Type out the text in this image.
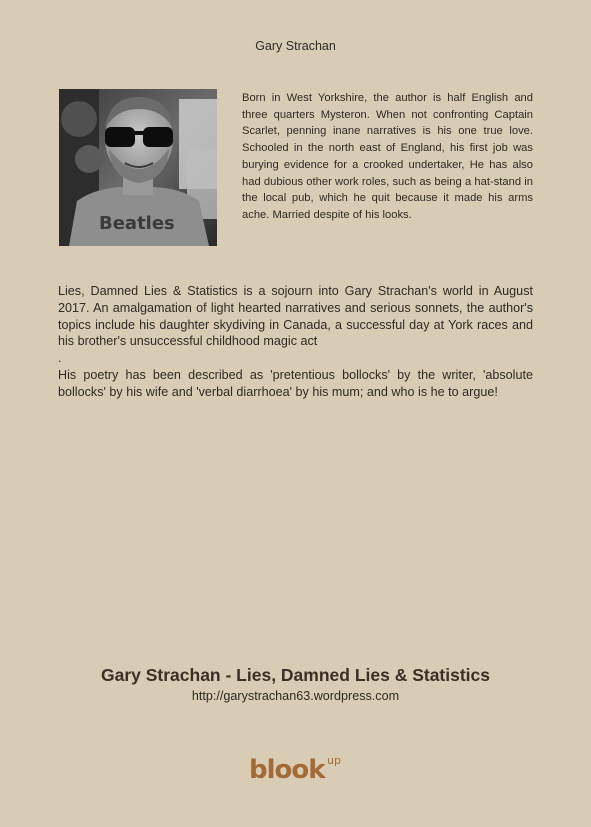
Gary Strachan
Beatles

Born in West Yorkshire, the author is half English and three quarters Mysteron. When not confronting Captain Scarlet, penning inane narratives is his one true love. Schooled in the north east of England, his first job was burying evidence for a crooked undertaker, He has also had dubious other work roles, such as being a hat-stand in the local pub, which he quit because it made his arms ache. Married despite of his looks.

Lies, Damned Lies & Statistics is a sojourn into Gary Strachan's world in August 2017. An amalgamation of light hearted narratives and serious sonnets, the author's topics include his daughter skydiving in Canada, a successful day at York races and his brother's unsuccessful childhood magic act

.

His poetry has been described as 'pretentious bollocks' by the writer, 'absolute bollocks' by his wife and 'verbal diarrhoea' by his mum; and who is he to argue!

Gary Strachan - Lies, Damned Lies & Statistics
http://garystrachan63.wordpress.com
blook up
